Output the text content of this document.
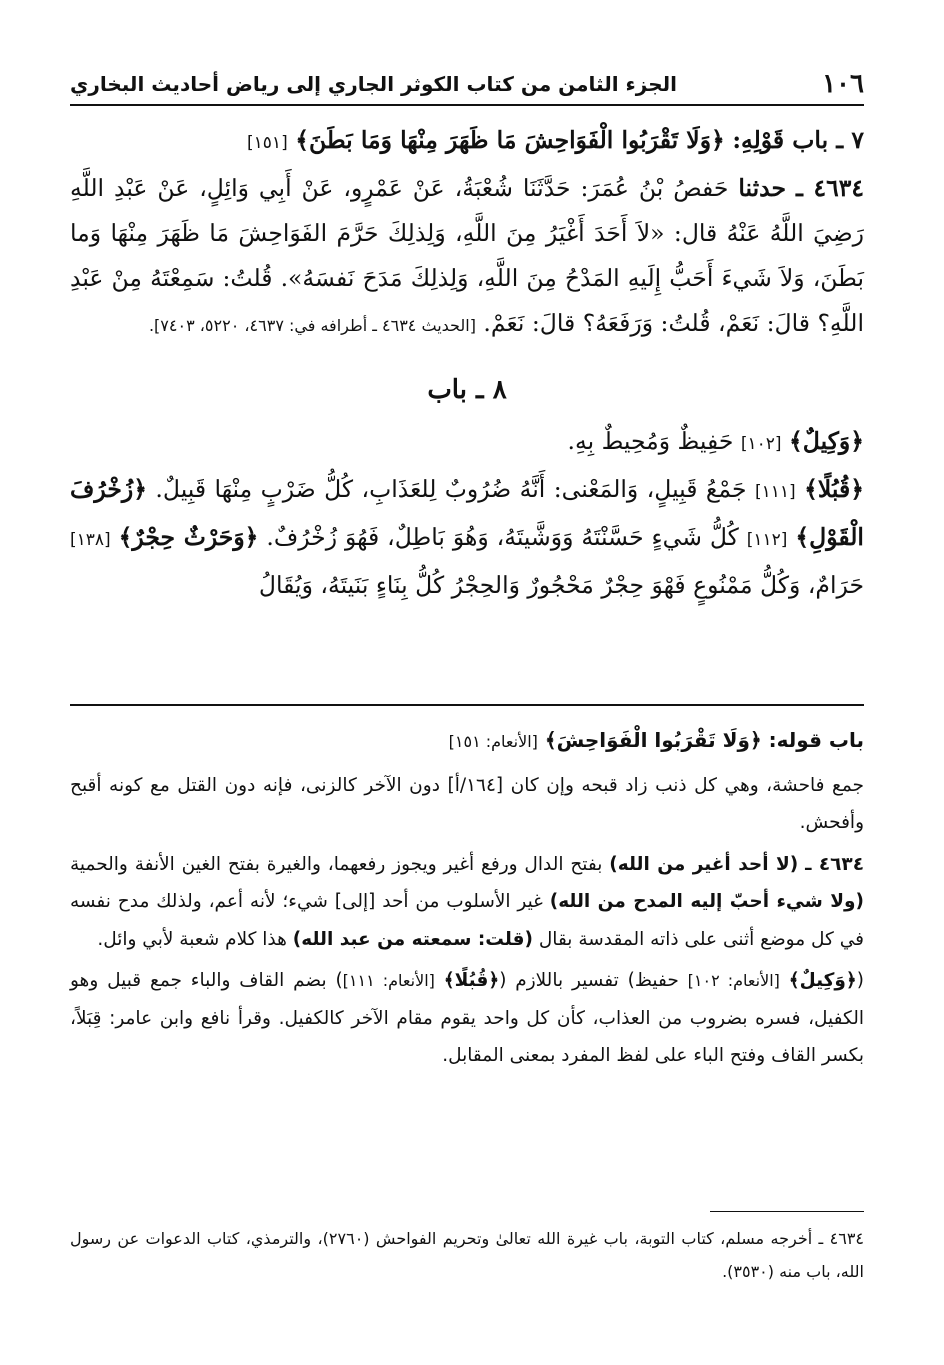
١٠٦
الجزء الثامن من كتاب الكوثر الجاري إلى رياض أحاديث البخاري

٧ ـ باب قَوْلِهِ: ﴿وَلَا تَقْرَبُوا الْفَوَاحِشَ مَا ظَهَرَ مِنْهَا وَمَا بَطَنَ﴾ [١٥١]

٤٦٣٤ ـ حدثنا حَفصُ بْنُ عُمَرَ: حَدَّثَنَا شُعْبَةُ، عَنْ عَمْرٍو، عَنْ أَبِي وَائِلٍ، عَنْ عَبْدِ اللَّهِ رَضِيَ اللَّهُ عَنْهُ قال: «لاَ أَحَدَ أَغْيَرُ مِنَ اللَّهِ، وَلِذلِكَ حَرَّمَ الفَوَاحِشَ مَا ظَهَرَ مِنْهَا وَما بَطَنَ، وَلاَ شَيءَ أَحَبُّ إِلَيهِ المَدْحُ مِنَ اللَّهِ، وَلِذلِكَ مَدَحَ نَفسَهُ». قُلتُ: سَمِعْتَهُ مِنْ عَبْدِ اللَّهِ؟ قالَ: نَعَمْ، قُلتُ: وَرَفَعَهُ؟ قالَ: نَعَمْ. [الحديث ٤٦٣٤ ـ أطرافه في: ٤٦٣٧، ٥٢٢٠، ٧٤٠٣].

٨ ـ باب

﴿وَكِيلٌ﴾ [١٠٢] حَفِيظٌ وَمُحِيطٌ بِهِ.

﴿قُبُلًا﴾ [١١١] جَمْعُ قَبِيلٍ، وَالمَعْنى: أَنَّهُ ضُرُوبٌ لِلعَذَابِ، كُلُّ ضَرْبٍ مِنْهَا قَبِيلٌ. ﴿زُخْرُفَ الْقَوْلِ﴾ [١١٢] كُلُّ شَيءٍ حَسَّنْتَهُ وَوَشَّيتَهُ، وَهُوَ بَاطِلٌ، فَهُوَ زُخْرُفٌ. ﴿وَحَرْثٌ حِجْرٌ﴾ [١٣٨] حَرَامٌ، وَكُلُّ مَمْنُوعٍ فَهْوَ حِجْرٌ مَحْجُورٌ وَالحِجْرُ كُلُّ بِنَاءٍ بَنَيتَهُ، وَيُقَالُ

باب قوله: ﴿وَلَا تَقْرَبُوا الْفَوَاحِشَ﴾ [الأنعام: ١٥١]

جمع فاحشة، وهي كل ذنب زاد قبحه وإن كان [١٦٤/أ] دون الآخر كالزنى، فإنه دون القتل مع كونه أقبح وأفحش.

٤٦٣٤ ـ (لا أحد أغير من الله) بفتح الدال ورفع أغير ويجوز رفعهما، والغيرة بفتح الغين الأنفة والحمية (ولا شيء أحبّ إليه المدح من الله) غير الأسلوب من أحد [إلى] شيء؛ لأنه أعم، ولذلك مدح نفسه في كل موضع أثنى على ذاته المقدسة بقال (قلت: سمعته من عبد الله) هذا كلام شعبة لأبي وائل.

(﴿وَكِيلٌ﴾ [الأنعام: ١٠٢] حفيظ) تفسير باللازم (﴿قُبُلًا﴾ [الأنعام: ١١١]) بضم القاف والباء جمع قبيل وهو الكفيل، فسره بضروب من العذاب، كأن كل واحد يقوم مقام الآخر كالكفيل. وقرأ نافع وابن عامر: قِبَلاً، بكسر القاف وفتح الباء على لفظ المفرد بمعنى المقابل.

٤٦٣٤ ـ أخرجه مسلم، كتاب التوبة، باب غيرة الله تعالىٰ وتحريم الفواحش (٢٧٦٠)، والترمذي، كتاب الدعوات عن رسول الله، باب منه (٣٥٣٠).
